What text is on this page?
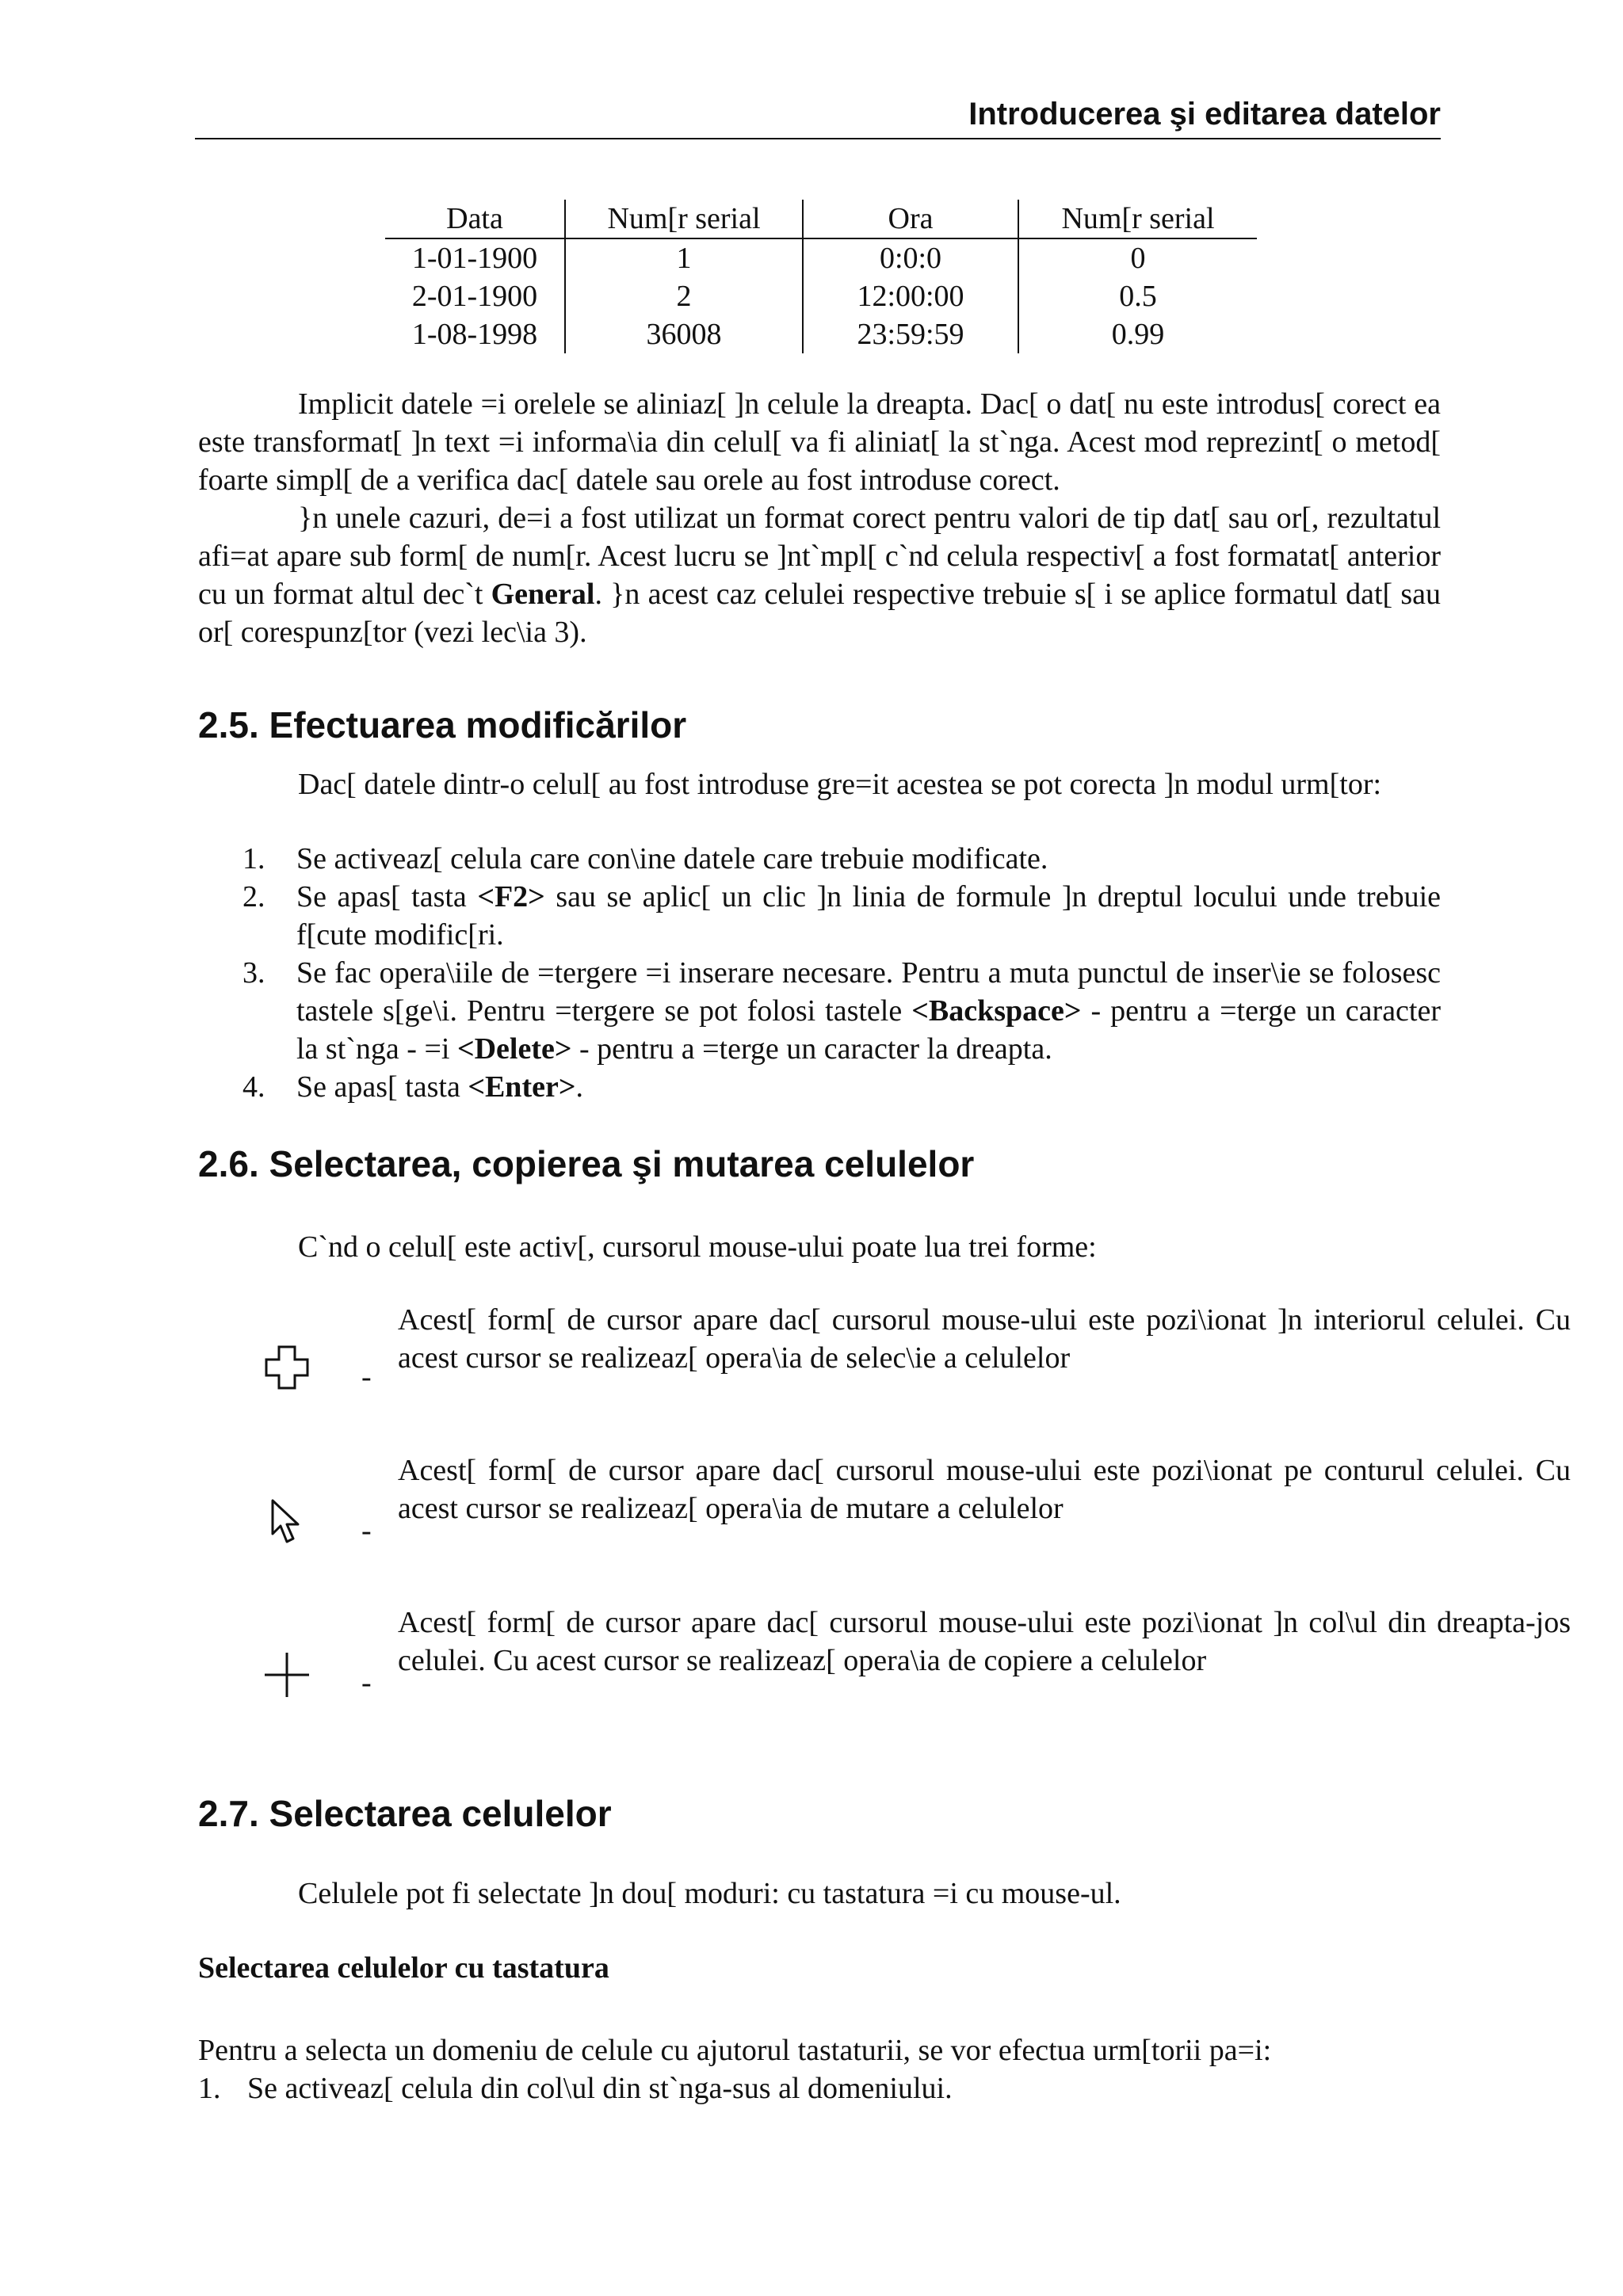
Introducerea şi editarea datelor
Data	Num[r serial	Ora	Num[r serial
1-01-1900	1	0:0:0	0
2-01-1900	2	12:00:00	0.5
1-08-1998	36008	23:59:59	0.99

Implicit datele =i orelele se aliniaz[ ]n celule la dreapta. Dac[ o dat[ nu este introdus[ corect ea este transformat[ ]n text =i informa\ia din celul[ va fi aliniat[ la st`nga. Acest mod reprezint[ o metod[ foarte simpl[ de a verifica dac[ datele sau orele au fost introduse corect.

}n unele cazuri, de=i a fost utilizat un format corect pentru valori de tip dat[ sau or[, rezultatul afi=at apare sub form[ de num[r. Acest lucru se ]nt`mpl[ c`nd celula respectiv[ a fost formatat[ anterior cu un format altul dec`t General. }n acest caz celulei respective trebuie s[ i se aplice formatul dat[ sau or[ corespunz[tor (vezi lec\ia 3).

2.5. Efectuarea modificărilor

Dac[ datele dintr-o celul[ au fost introduse gre=it acestea se pot corecta ]n modul urm[tor:

1. Se activeaz[ celula care con\ine datele care trebuie modificate.
2. Se apas[ tasta <F2> sau se aplic[ un clic ]n linia de formule ]n dreptul locului unde trebuie f[cute modific[ri.
3. Se fac opera\iile de =tergere =i inserare necesare. Pentru a muta punctul de inser\ie se folosesc tastele s[ge\i. Pentru =tergere se pot folosi tastele <Backspace> - pentru a =terge un caracter la st`nga - =i <Delete> - pentru a =terge un caracter la dreapta.
4. Se apas[ tasta <Enter>.
2.6. Selectarea, copierea şi mutarea celulelor

C`nd o celul[ este activ[, cursorul mouse-ului poate lua trei forme:

-

Acest[ form[ de cursor apare dac[ cursorul mouse-ului este pozi\ionat ]n interiorul celulei. Cu acest cursor se realizeaz[ opera\ia de selec\ie a celulelor

-

Acest[ form[ de cursor apare dac[ cursorul mouse-ului este pozi\ionat pe conturul celulei. Cu acest cursor se realizeaz[ opera\ia de mutare a celulelor

-

Acest[ form[ de cursor apare dac[ cursorul mouse-ului este pozi\ionat ]n col\ul din dreapta-jos celulei. Cu acest cursor se realizeaz[ opera\ia de copiere a celulelor

2.7. Selectarea celulelor

Celulele pot fi selectate ]n dou[ moduri: cu tastatura =i cu mouse-ul.

Selectarea celulelor cu tastatura

Pentru a selecta un domeniu de celule cu ajutorul tastaturii, se vor efectua urm[torii pa=i:

1. Se activeaz[ celula din col\ul din st`nga-sus al domeniului.
